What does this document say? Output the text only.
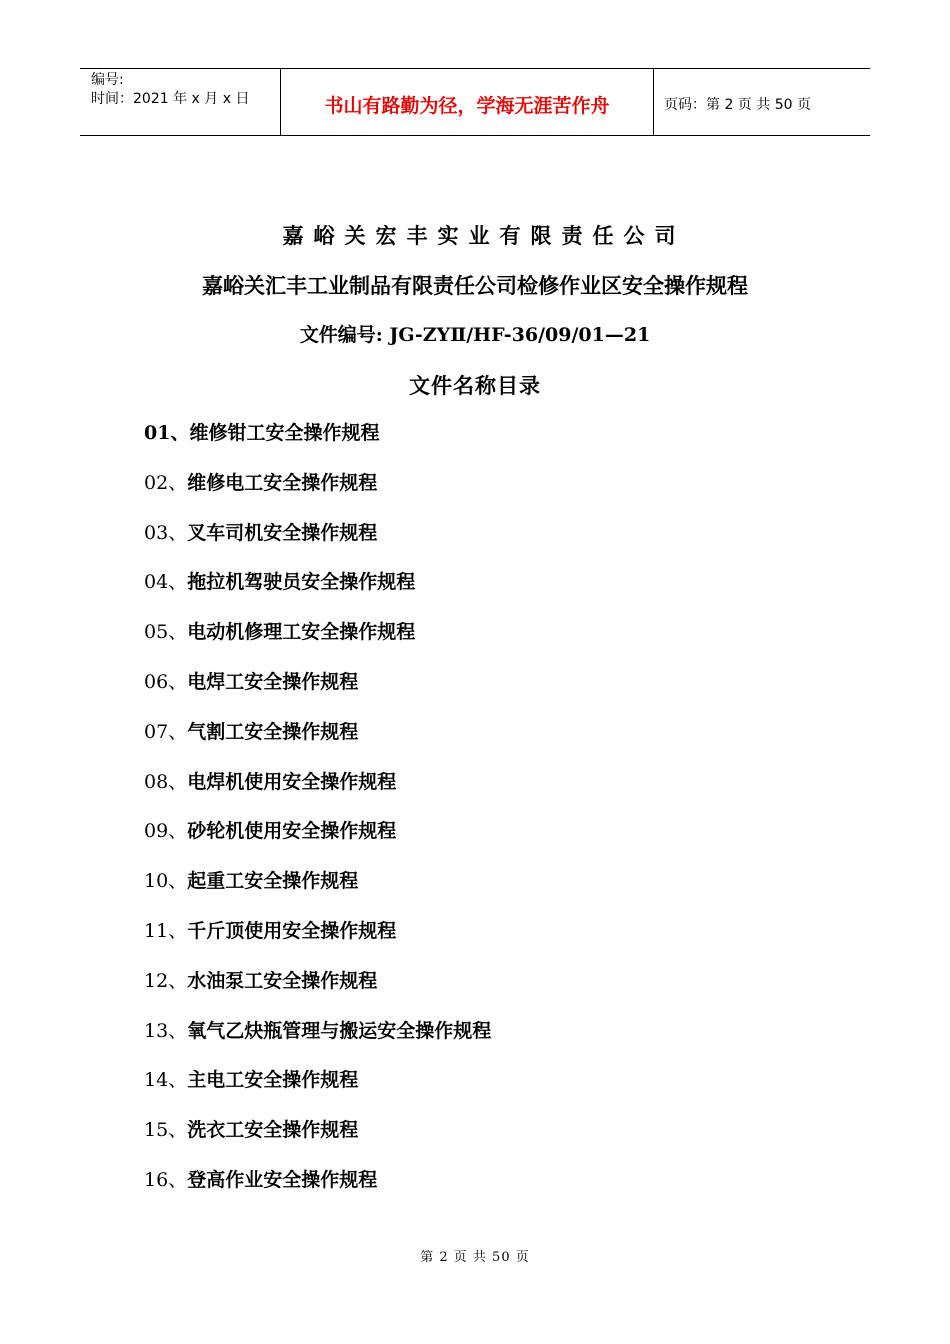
编号:
时间：2021 年 x 月 x 日	书山有路勤为径，学海无涯苦作舟	页码：第 2 页 共 50 页
嘉峪关宏丰实业有限责任公司
嘉峪关汇丰工业制品有限责任公司检修作业区安全操作规程
文件编号: JG-ZYⅡ/HF-36/09/01—21
文件名称目录
01、维修钳工安全操作规程
02、维修电工安全操作规程
03、叉车司机安全操作规程
04、拖拉机驾驶员安全操作规程
05、电动机修理工安全操作规程
06、电焊工安全操作规程
07、气割工安全操作规程
08、电焊机使用安全操作规程
09、砂轮机使用安全操作规程
10、起重工安全操作规程
11、千斤顶使用安全操作规程
12、水油泵工安全操作规程
13、氧气乙炔瓶管理与搬运安全操作规程
14、主电工安全操作规程
15、洗衣工安全操作规程
16、登高作业安全操作规程
第 2 页 共 50 页
